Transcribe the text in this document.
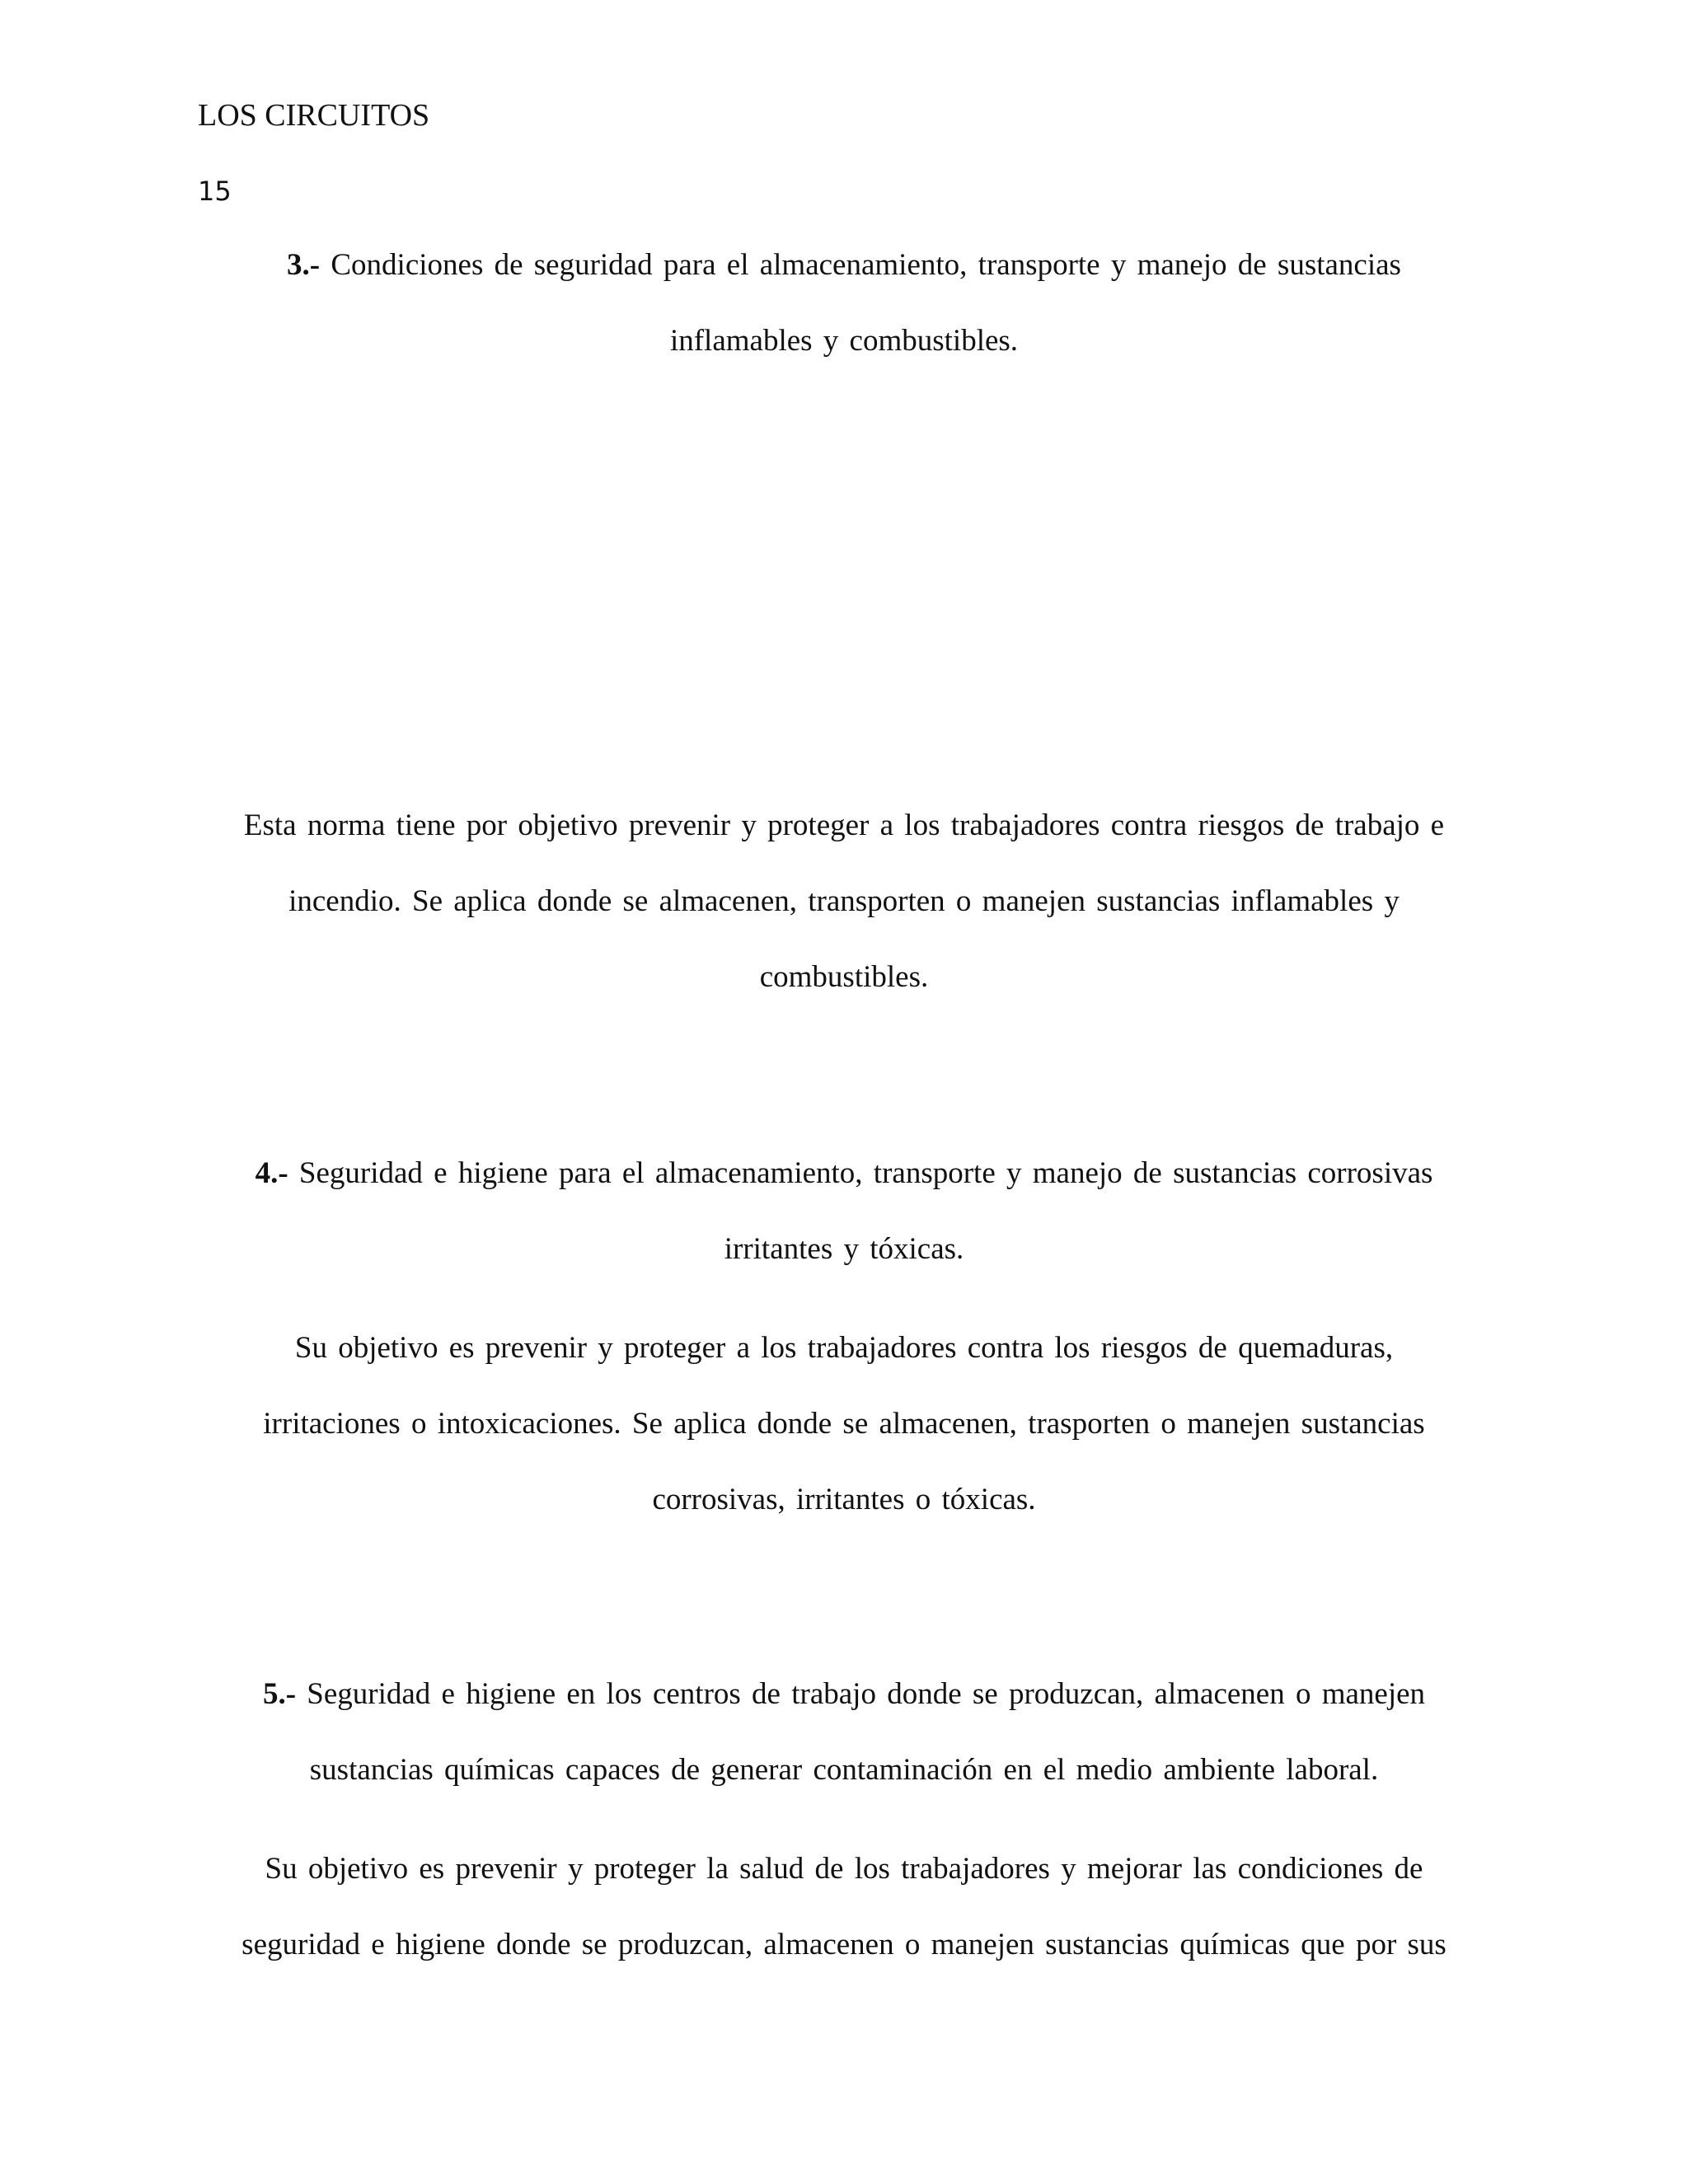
LOS CIRCUITOS
15

3.- Condiciones de seguridad para el almacenamiento, transporte y manejo de sustancias

inflamables y combustibles.

Esta norma tiene por objetivo prevenir y proteger a los trabajadores contra riesgos de trabajo e

incendio. Se aplica donde se almacenen, transporten o manejen sustancias inflamables y

combustibles.

4.- Seguridad e higiene para el almacenamiento, transporte y manejo de sustancias corrosivas

irritantes y tóxicas.

Su objetivo es prevenir y proteger a los trabajadores contra los riesgos de quemaduras,

irritaciones o intoxicaciones. Se aplica donde se almacenen, trasporten o manejen sustancias

corrosivas, irritantes o tóxicas.

5.- Seguridad e higiene en los centros de trabajo donde se produzcan, almacenen o manejen

sustancias químicas capaces de generar contaminación en el medio ambiente laboral.

Su objetivo es prevenir y proteger la salud de los trabajadores y mejorar las condiciones de

seguridad e higiene donde se produzcan, almacenen o manejen sustancias químicas que por sus
